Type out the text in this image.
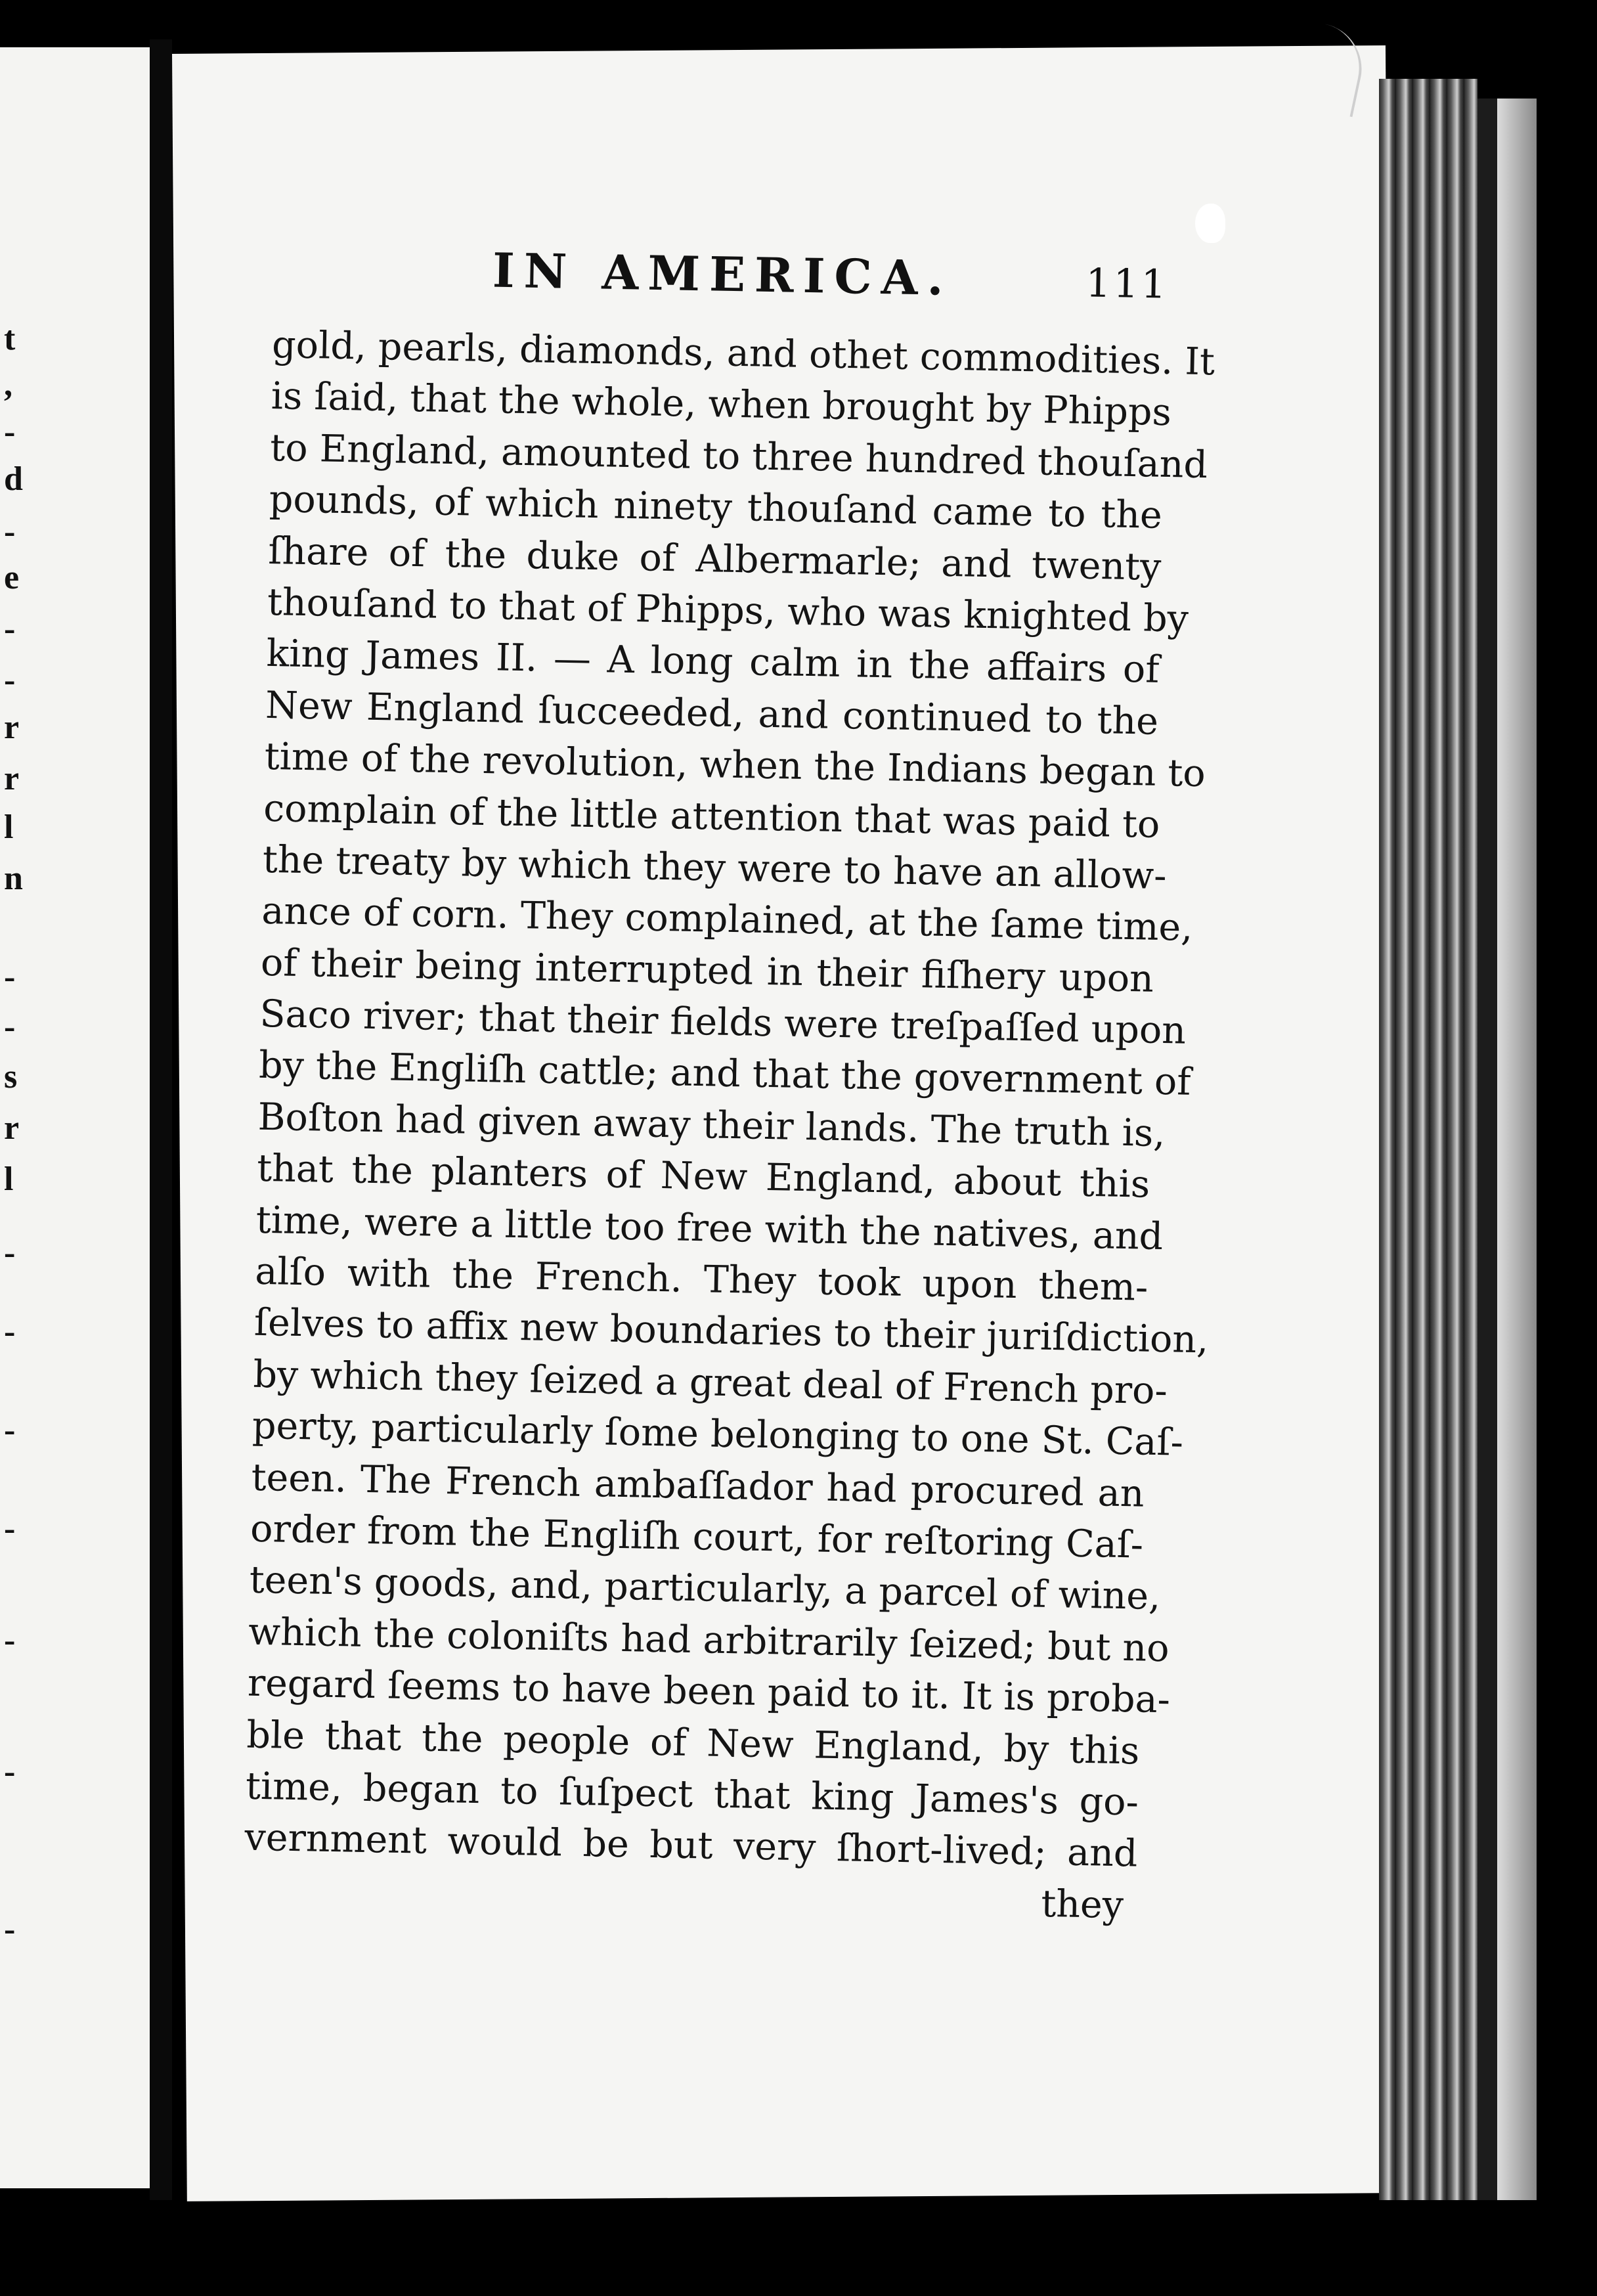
t
,
-
d
-
e
-
-
r
r
l
n
-
-
s
r
l
-
-
-
-
-
-
-
IN AMERICA.	111
gold, pearls, diamonds, and othet commodities. It
is ſaid, that the whole, when brought by Phipps
to England, amounted to three hundred thouſand
pounds, of which ninety thouſand came to the
ſhare of the duke of Albermarle; and twenty
thouſand to that of Phipps, who was knighted by
king James II. — A long calm in the affairs of
New England ſucceeded, and continued to the
time of the revolution, when the Indians began to
complain of the little attention that was paid to
the treaty by which they were to have an allow-
ance of corn. They complained, at the ſame time,
of their being interrupted in their fiſhery upon
Saco river; that their fields were treſpaſſed upon
by the Engliſh cattle; and that the government of
Boſton had given away their lands. The truth is,
that the planters of New England, about this
time, were a little too free with the natives, and
alſo with the French. They took upon them-
ſelves to affix new boundaries to their juriſdiction,
by which they ſeized a great deal of French pro-
perty, particularly ſome belonging to one St. Caſ-
teen. The French ambaſſador had procured an
order from the Engliſh court, for reſtoring Caſ-
teen's goods, and, particularly, a parcel of wine,
which the coloniſts had arbitrarily ſeized; but no
regard ſeems to have been paid to it. It is proba-
ble that the people of New England, by this
time, began to ſuſpect that king James's go-
vernment would be but very ſhort-lived; and
they
